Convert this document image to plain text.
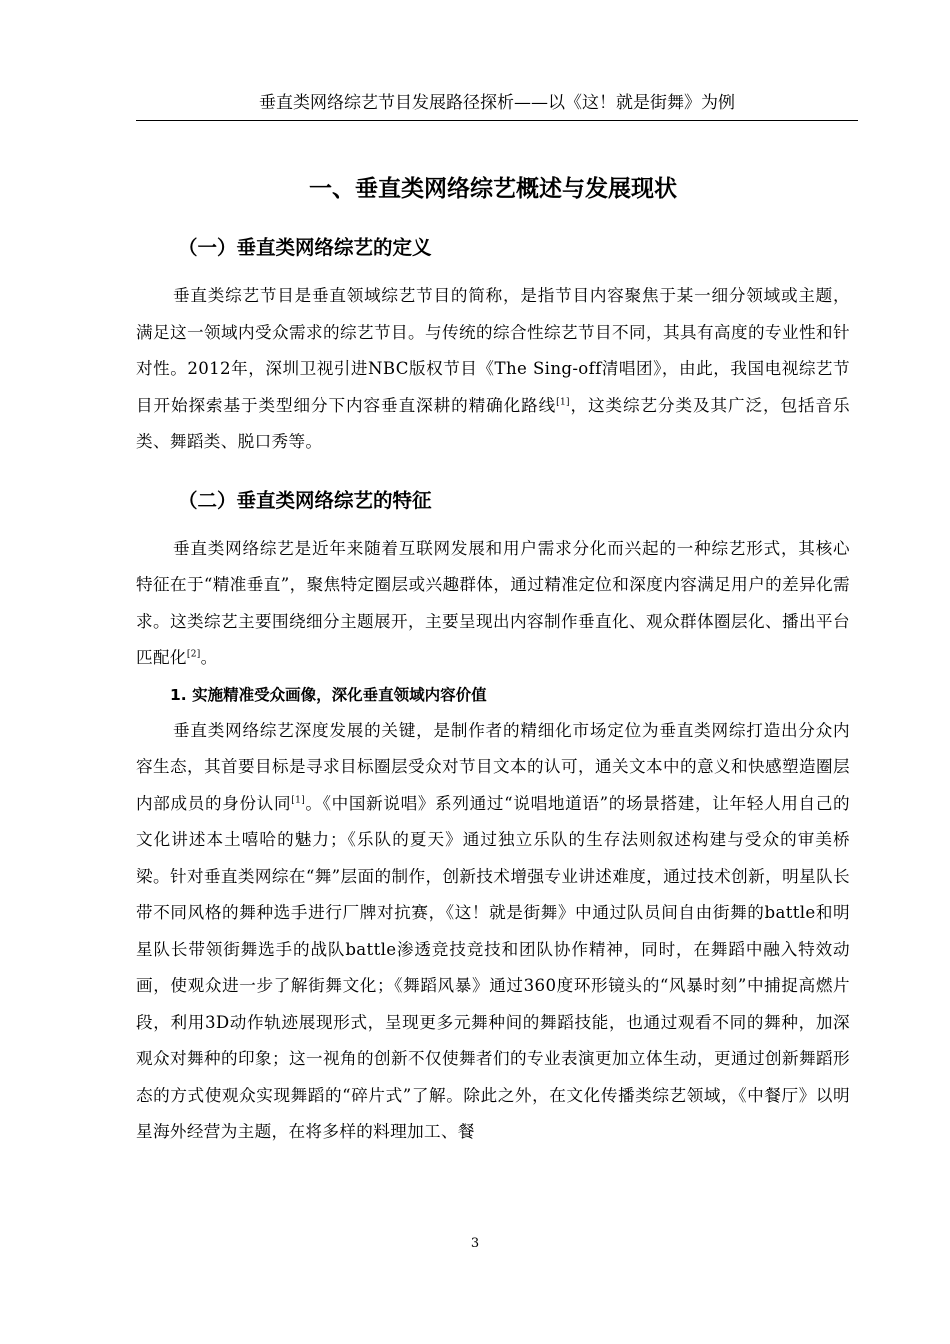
垂直类网络综艺节目发展路径探析——以《这！就是街舞》为例
一、垂直类网络综艺概述与发展现状
（一）垂直类网络综艺的定义

垂直类综艺节目是垂直领域综艺节目的简称，是指节目内容聚焦于某一细分领域或主题，满足这一领域内受众需求的综艺节目。与传统的综合性综艺节目不同，其具有高度的专业性和针对性。2012年，深圳卫视引进NBC版权节目《The Sing-off清唱团》，由此，我国电视综艺节目开始探索基于类型细分下内容垂直深耕的精确化路线[1]，这类综艺分类及其广泛，包括音乐类、舞蹈类、脱口秀等。

（二）垂直类网络综艺的特征

垂直类网络综艺是近年来随着互联网发展和用户需求分化而兴起的一种综艺形式，其核心特征在于“精准垂直”，聚焦特定圈层或兴趣群体，通过精准定位和深度内容满足用户的差异化需求。这类综艺主要围绕细分主题展开，主要呈现出内容制作垂直化、观众群体圈层化、播出平台匹配化[2]。

1. 实施精准受众画像，深化垂直领域内容价值

垂直类网络综艺深度发展的关键，是制作者的精细化市场定位为垂直类网综打造出分众内容生态，其首要目标是寻求目标圈层受众对节目文本的认可，通关文本中的意义和快感塑造圈层内部成员的身份认同[1]。《中国新说唱》系列通过“说唱地道语”的场景搭建，让年轻人用自己的文化讲述本土嘻哈的魅力；《乐队的夏天》通过独立乐队的生存法则叙述构建与受众的审美桥梁。针对垂直类网综在“舞”层面的制作，创新技术增强专业讲述难度，通过技术创新，明星队长带不同风格的舞种选手进行厂牌对抗赛，《这！就是街舞》中通过队员间自由街舞的battle和明星队长带领街舞选手的战队battle渗透竞技竞技和团队协作精神，同时，在舞蹈中融入特效动画，使观众进一步了解街舞文化；《舞蹈风暴》通过360度环形镜头的“风暴时刻”中捕捉高燃片段，利用3D动作轨迹展现形式，呈现更多元舞种间的舞蹈技能，也通过观看不同的舞种，加深观众对舞种的印象；这一视角的创新不仅使舞者们的专业表演更加立体生动，更通过创新舞蹈形态的方式使观众实现舞蹈的“碎片式”了解。除此之外，在文化传播类综艺领域，《中餐厅》以明星海外经营为主题，在将多样的料理加工、餐

3
